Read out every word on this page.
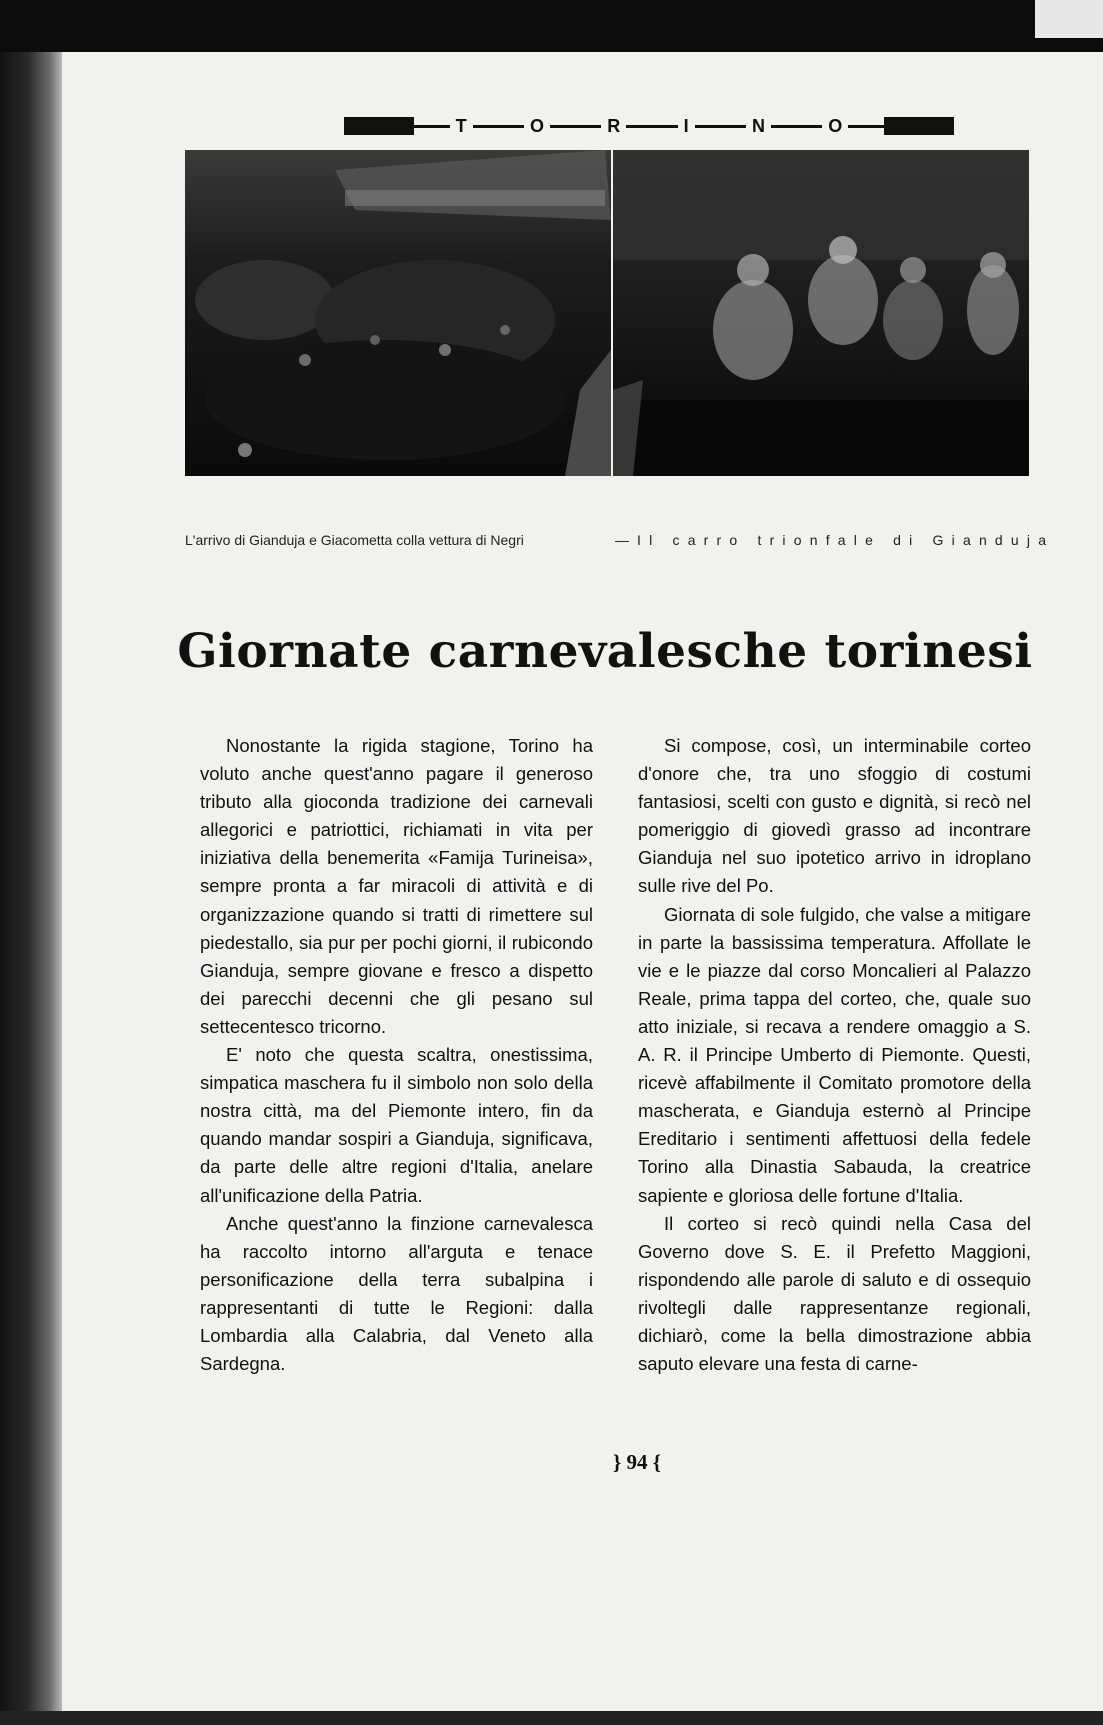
T	O	R	I	N	O
L'arrivo di Gianduja e Giacometta colla vettura di Negri	— Il carro trionfale di Gianduja
Giornate carnevalesche torinesi

Nonostante la rigida stagione, Torino ha voluto anche quest'anno pagare il generoso tributo alla gioconda tradizione dei carnevali allegorici e patriottici, richiamati in vita per iniziativa della benemerita «Famija Turineisa», sempre pronta a far miracoli di attività e di organizzazione quando si tratti di rimettere sul piedestallo, sia pur per pochi giorni, il rubicondo Gianduja, sempre giovane e fresco a dispetto dei parecchi decenni che gli pesano sul settecentesco tricorno.

E' noto che questa scaltra, onestissima, simpatica maschera fu il simbolo non solo della nostra città, ma del Piemonte intero, fin da quando mandar sospiri a Gianduja, significava, da parte delle altre regioni d'Italia, anelare all'unificazione della Patria.

Anche quest'anno la finzione carnevalesca ha raccolto intorno all'arguta e tenace personificazione della terra subalpina i rappresentanti di tutte le Regioni: dalla Lombardia alla Calabria, dal Veneto alla Sardegna.

Si compose, così, un interminabile corteo d'onore che, tra uno sfoggio di costumi fantasiosi, scelti con gusto e dignità, si recò nel pomeriggio di giovedì grasso ad incontrare Gianduja nel suo ipotetico arrivo in idroplano sulle rive del Po.

Giornata di sole fulgido, che valse a mitigare in parte la bassissima temperatura. Affollate le vie e le piazze dal corso Moncalieri al Palazzo Reale, prima tappa del corteo, che, quale suo atto iniziale, si recava a rendere omaggio a S. A. R. il Principe Umberto di Piemonte. Questi, ricevè affabilmente il Comitato promotore della mascherata, e Gianduja esternò al Principe Ereditario i sentimenti affettuosi della fedele Torino alla Dinastia Sabauda, la creatrice sapiente e gloriosa delle fortune d'Italia.

Il corteo si recò quindi nella Casa del Governo dove S. E. il Prefetto Maggioni, rispondendo alle parole di saluto e di ossequio rivoltegli dalle rappresentanze regionali, dichiarò, come la bella dimostrazione abbia saputo elevare una festa di carne-

} 94 {
